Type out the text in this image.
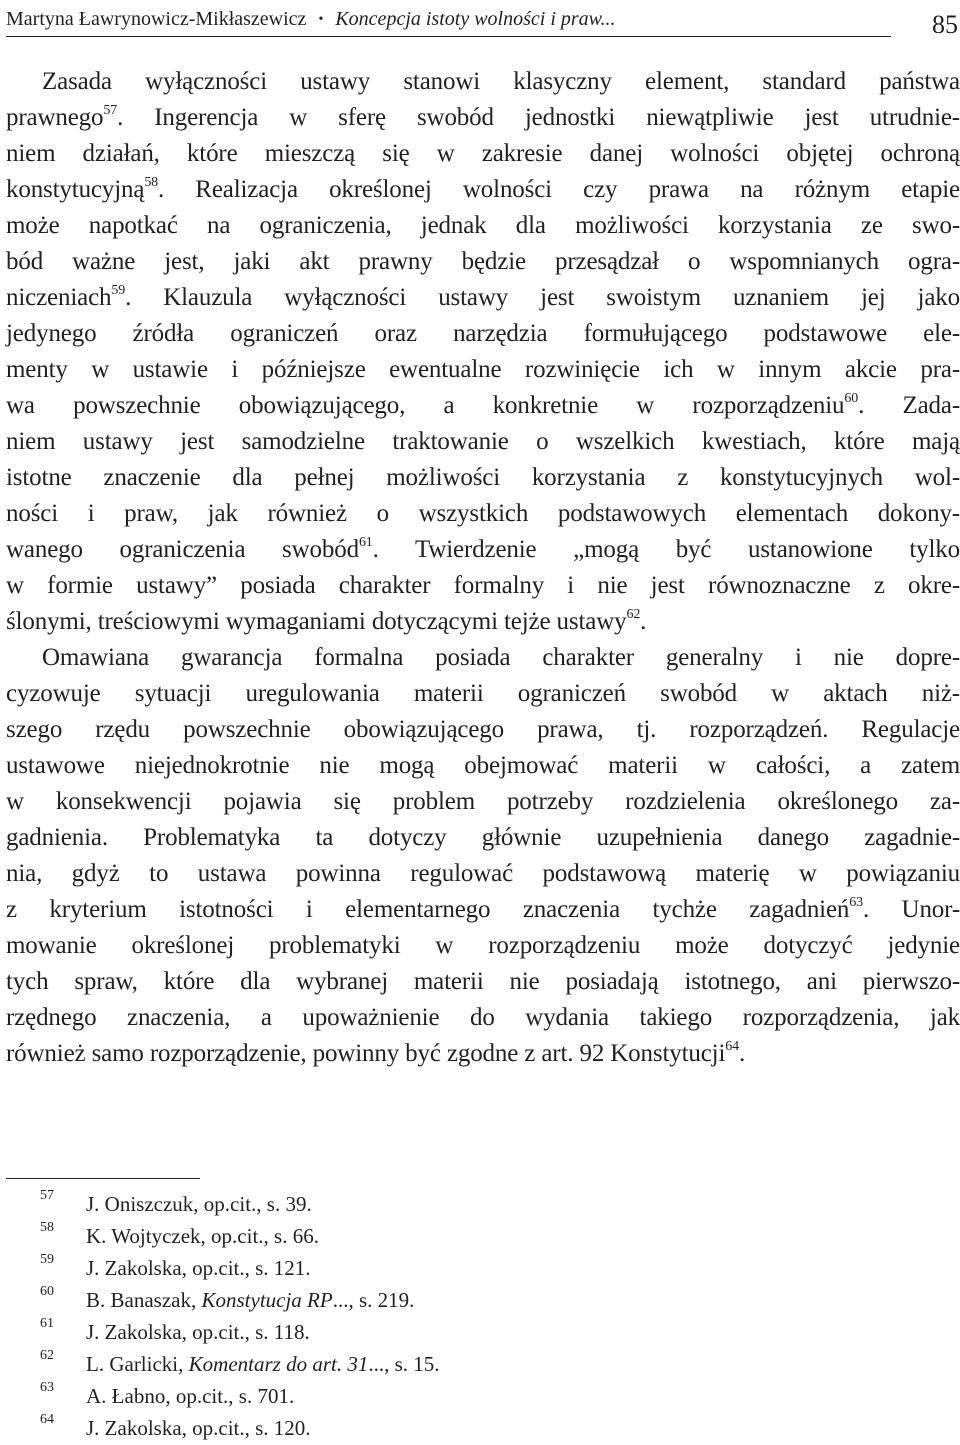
Martyna Ławrynowicz-Mikłaszewicz • Koncepcja istoty wolności i praw...	85
Zasada wyłączności ustawy stanowi klasyczny element, standard państwa
prawnego$^{57}$. Ingerencja w sferę swobód jednostki niewątpliwie jest utrudnie-
niem działań, które mieszczą się w zakresie danej wolności objętej ochroną
konstytucyjną$^{58}$. Realizacja określonej wolności czy prawa na różnym etapie
może napotkać na ograniczenia, jednak dla możliwości korzystania ze swo-
bód ważne jest, jaki akt prawny będzie przesądzał o wspomnianych ogra-
niczeniach$^{59}$. Klauzula wyłączności ustawy jest swoistym uznaniem jej jako
jedynego źródła ograniczeń oraz narzędzia formułującego podstawowe ele-
menty w ustawie i późniejsze ewentualne rozwinięcie ich w innym akcie pra-
wa powszechnie obowiązującego, a konkretnie w rozporządzeniu$^{60}$. Zada-
niem ustawy jest samodzielne traktowanie o wszelkich kwestiach, które mają
istotne znaczenie dla pełnej możliwości korzystania z konstytucyjnych wol-
ności i praw, jak również o wszystkich podstawowych elementach dokony-
wanego ograniczenia swobód$^{61}$. Twierdzenie „mogą być ustanowione tylko
w formie ustawy” posiada charakter formalny i nie jest równoznaczne z okre-
ślonymi, treściowymi wymaganiami dotyczącymi tejże ustawy$^{62}$.
Omawiana gwarancja formalna posiada charakter generalny i nie dopre-
cyzowuje sytuacji uregulowania materii ograniczeń swobód w aktach niż-
szego rzędu powszechnie obowiązującego prawa, tj. rozporządzeń. Regulacje
ustawowe niejednokrotnie nie mogą obejmować materii w całości, a zatem
w konsekwencji pojawia się problem potrzeby rozdzielenia określonego za-
gadnienia. Problematyka ta dotyczy głównie uzupełnienia danego zagadnie-
nia, gdyż to ustawa powinna regulować podstawową materię w powiązaniu
z kryterium istotności i elementarnego znaczenia tychże zagadnień$^{63}$. Unor-
mowanie określonej problematyki w rozporządzeniu może dotyczyć jedynie
tych spraw, które dla wybranej materii nie posiadają istotnego, ani pierwszo-
rzędnego znaczenia, a upoważnienie do wydania takiego rozporządzenia, jak
również samo rozporządzenie, powinny być zgodne z art. 92 Konstytucji$^{64}$.
57 J. Oniszczuk, op.cit., s. 39.
58 K. Wojtyczek, op.cit., s. 66.
59 J. Zakolska, op.cit., s. 121.
60 B. Banaszak, Konstytucja RP..., s. 219.
61 J. Zakolska, op.cit., s. 118.
62 L. Garlicki, Komentarz do art. 31..., s. 15.
63 A. Łabno, op.cit., s. 701.
64 J. Zakolska, op.cit., s. 120.
